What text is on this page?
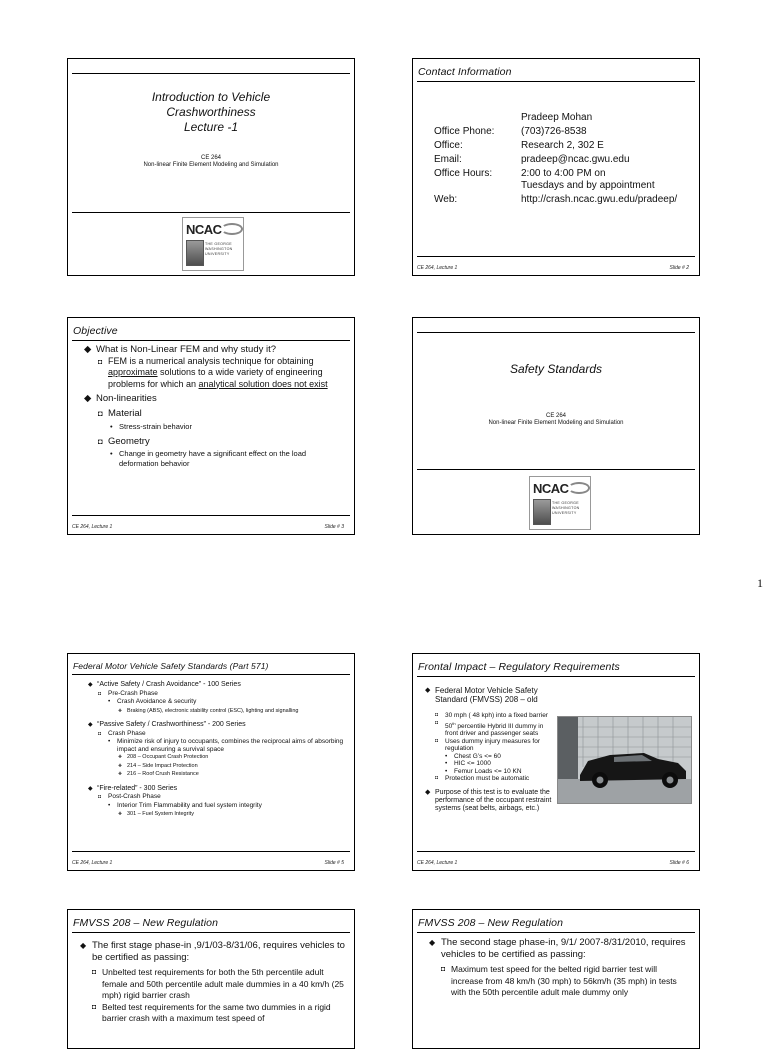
Introduction to Vehicle
Crashworthiness
Lecture -1
CE 264
Non-linear Finite Element Modeling and Simulation
NCAC
THE GEORGE
WASHINGTON
UNIVERSITY
Contact Information
Pradeep Mohan
Office Phone:	(703)726-8538
Office:	Research 2, 302 E
Email:	pradeep@ncac.gwu.edu
Office Hours:	2:00 to 4:00 PM on
Tuesdays and by appointment
Web:	http://crash.ncac.gwu.edu/pradeep/
CE 264, Lecture 1	Slide # 2
Objective
◆ What is Non-Linear FEM and why study it?
◘ FEM is a numerical analysis technique for obtaining approximate solutions to a wide variety of engineering problems for which an analytical solution does not exist
◆ Non-linearities
◘ Material
• Stress-strain behavior
◘ Geometry
• Change in geometry have a significant effect on the load deformation behavior
CE 264, Lecture 1	Slide # 3
Safety Standards
CE 264
Non-linear Finite Element Modeling and Simulation
NCAC
THE GEORGE
WASHINGTON
UNIVERSITY
Federal Motor Vehicle Safety Standards (Part 571)
◆ “Active Safety / Crash Avoidance” - 100 Series
◘ Pre-Crash Phase
• Crash Avoidance & security
❖ Braking (ABS), electronic stability control (ESC), lighting and signalling
◆ “Passive Safety / Crashworthiness” - 200 Series
◘ Crash Phase
• Minimize risk of injury to occupants, combines the reciprocal aims of absorbing impact and ensuring a survival space
❖ 208 – Occupant Crash Protection
❖ 214 – Side Impact Protection
❖ 216 – Roof Crush Resistance
◆ “Fire-related” - 300 Series
◘ Post-Crash Phase
• Interior Trim Flammability and fuel system integrity
❖ 301 – Fuel System Integrity
CE 264, Lecture 1	Slide # 5
Frontal Impact – Regulatory Requirements
◆ Federal Motor Vehicle Safety Standard (FMVSS) 208 – old
◘ 30 mph ( 48 kph) into a fixed barrier
◘
50th percentile Hybrid III dummy in front driver and passenger seats
◘ Uses dummy injury measures for regulation
• Chest G’s <= 60
• HIC <= 1000
• Femur Loads <= 10 KN
◘ Protection must be automatic
◆ Purpose of this test is to evaluate the performance of the occupant restraint systems (seat belts, airbags, etc.)
CE 264, Lecture 1	Slide # 6
FMVSS 208 – New Regulation
◆ The first stage phase-in ,9/1/03-8/31/06, requires vehicles to be certified as passing:
◘ Unbelted test requirements for both the 5th percentile adult female and 50th percentile adult male dummies in a 40 km/h (25 mph) rigid barrier crash
◘ Belted test requirements for the same two dummies in a rigid barrier crash with a maximum test speed of
FMVSS 208 – New Regulation
◆ The second stage phase-in, 9/1/ 2007-8/31/2010, requires vehicles to be certified as passing:
◘ Maximum test speed for the belted rigid barrier test will increase from 48 km/h (30 mph) to 56km/h (35 mph) in tests with the 50th percentile adult male dummy only
1
